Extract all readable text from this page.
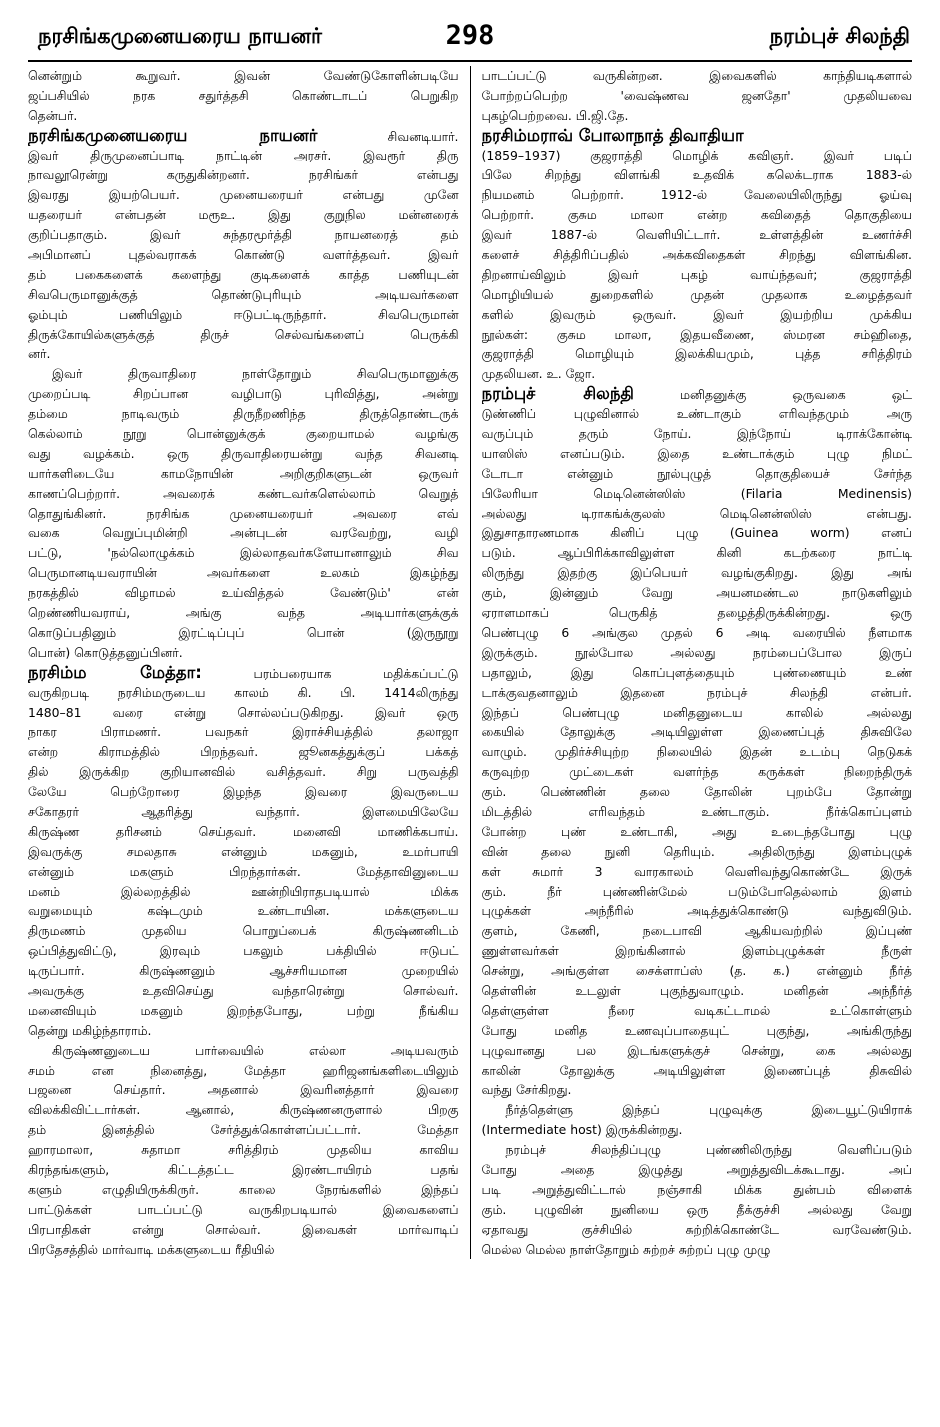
நரசிங்கமுனையரைய நாயனர்	298	நரம்புச் சிலந்தி
னென்றும் கூறுவர். இவன் வேண்டுகோளின்படியே
ஜப்பசியில் நரக சதுர்த்தசி கொண்டாடப் பெறுகிற
தென்பர்.
நரசிங்கமுனையரைய நாயனர் சிவனடியார்.
இவர் திருமுனைப்பாடி நாட்டின் அரசர். இவரூர் திரு
நாவலூரென்று கருதுகின்றனர். நரசிங்கர் என்பது
இவரது இயற்பெயர். முனையரையர் என்பது முனே
யதரையர் என்பதன் மரூஉ. இது குறுநில மன்னரைக்
குறிப்பதாகும். இவர் சுந்தரமூர்த்தி நாயனரைத் தம்
அபிமானப் புதல்வராகக் கொண்டு வளர்த்தவர். இவர்
தம் பகைகளைக் களைந்து குடிகளைக் காத்த பணியுடன்
சிவபெருமானுக்குத் தொண்டுபுரியும் அடியவர்களை
ஓம்பும் பணியிலும் ஈடுபட்டிருந்தார். சிவபெருமான்
திருக்கோயில்களுக்குத் திருச் செல்வங்களைப் பெருக்கி
னர்.
இவர் திருவாதிரை நாள்தோறும் சிவபெருமானுக்கு
முறைப்படி சிறப்பான வழிபாடு புரிவித்து, அன்று
தம்மை நாடிவரும் திருநீறணிந்த திருத்தொண்டருக்
கெல்லாம் நூறு பொன்னுக்குக் குறையாமல் வழங்கு
வது வழக்கம். ஒரு திருவாதிரையன்று வந்த சிவனடி
யார்களிடையே காமநோயின் அறிகுறிகளுடன் ஒருவர்
காணப்பெற்றார். அவரைக் கண்டவர்களெல்லாம் வெறுத்
தொதுங்கினர். நரசிங்க முனையரையர் அவரை எவ்
வகை வெறுப்புமின்றி அன்புடன் வரவேற்று, வழி
பட்டு, 'நல்லொழுக்கம் இல்லாதவர்களேயானாலும் சிவ
பெருமானடியவராயின் அவர்களை உலகம் இகழ்ந்து
நரகத்தில் விழாமல் உய்வித்தல் வேண்டும்' என்
றெண்ணியவராய், அங்கு வந்த அடியார்களுக்குக்
கொடுப்பதினும் இரட்டிப்புப் பொன் (இருநூறு
பொன்) கொடுத்தனுப்பினர்.
நரசிம்ம மேத்தா: பரம்பரையாக மதிக்கப்பட்டு
வருகிறபடி நரசிம்மருடைய காலம் கி. பி. 1414லிருந்து
1480–81 வரை என்று சொல்லப்படுகிறது. இவர் ஒரு
நாகர பிராமணர். பவநகர் இராச்சியத்தில் தலாஜா
என்ற கிராமத்தில் பிறந்தவர். ஜூனகத்துக்குப் பக்கத்
தில் இருக்கிற குறியானவில் வசித்தவர். சிறு பருவத்தி
லேயே பெற்றோரை இழந்த இவரை இவருடைய
சகோதரர் ஆதரித்து வந்தார். இளமையிலேயே
கிருஷ்ண தரிசனம் செய்தவர். மனைவி மாணிக்கபாய்.
இவருக்கு சமலதாசு என்னும் மகனும், உமர்பாயி
என்னும் மகளும் பிறந்தார்கள். மேத்தாவினுடைய
மனம் இல்லறத்தில் ஊன்றியிராதபடியால் மிக்க
வறுமையும் கஷ்டமும் உண்டாயின. மக்களுடைய
திருமணம் முதலிய பொறுப்பைக் கிருஷ்ணனிடம்
ஒப்பித்துவிட்டு, இரவும் பகலும் பக்தியில் ஈடுபட்
டிருப்பார். கிருஷ்ணனும் ஆச்சரியமான முறையில்
அவருக்கு உதவிசெய்து வந்தாரென்று சொல்வர்.
மனைவியும் மகனும் இறந்தபோது, பற்று நீங்கிய
தென்று மகிழ்ந்தாராம்.
கிருஷ்ணனுடைய பார்வையில் எல்லா அடியவரும்
சமம் என நினைத்து, மேத்தா ஹரிஜனங்களிடையிலும்
பஜனை செய்தார். அதனால் இவரினத்தார் இவரை
விலக்கிவிட்டார்கள். ஆனால், கிருஷ்ணனருளால் பிறகு
தம் இனத்தில் சேர்த்துக்கொள்ளப்பட்டார். மேத்தா
ஹாரமாலா, சுதாமா சரித்திரம் முதலிய காவிய
கிரந்தங்களும், கிட்டத்தட்ட இரண்டாயிரம் பதங்
களும் எழுதியிருக்கிருர். காலை நேரங்களில் இந்தப்
பாட்டுக்கள் பாடப்பட்டு வருகிறபடியால் இவைகளைப்
பிரபாதிகள் என்று சொல்வர். இவைகள் மார்வாடிப்
பிரதேசத்தில் மார்வாடி மக்களுடைய ரீதியில்
பாடப்பட்டு வருகின்றன. இவைகளில் காந்தியடிகளால்
போற்றப்பெற்ற 'வைஷ்ணவ ஜனதோ' முதலியவை
புகழ்பெற்றவை. பி.ஜி.தே.
நரசிம்மராவ் போலாநாத் திவாதியா
(1859–1937) குஜராத்தி மொழிக் கவிஞர். இவர் படிப்
பிலே சிறந்து விளங்கி உதவிக் கலெக்டராக 1883-ல்
நியமனம் பெற்றார். 1912-ல் வேலையிலிருந்து ஓய்வு
பெற்றார். குசும மாலா என்ற கவிதைத் தொகுதியை
இவர் 1887-ல் வெளியிட்டார். உள்ளத்தின் உணர்ச்சி
களைச் சித்திரிப்பதில் அக்கவிதைகள் சிறந்து விளங்கின.
திறனாய்விலும் இவர் புகழ் வாய்ந்தவர்; குஜராத்தி
மொழியியல் துறைகளில் முதன் முதலாக உழைத்தவர்
களில் இவரும் ஒருவர். இவர் இயற்றிய முக்கிய
நூல்கள்: குசும மாலா, இதயவீணை, ஸ்மரன சம்ஹிதை,
குஜராத்தி மொழியும் இலக்கியமும், புத்த சரித்திரம்
முதலியன. உ. ஜோ.
நரம்புச் சிலந்தி மனிதனுக்கு ஒருவகை ஒட்
டுண்ணிப் புழுவினால் உண்டாகும் எரிவந்தமும் அரு
வருப்பும் தரும் நோய். இந்நோய் டிராக்கோன்டி
யாஸிஸ் எனப்படும். இதை உண்டாக்கும் புழு நிமட்
டோடா என்னும் நூல்புழுத் தொகுதியைச் சேர்ந்த
பிலேரியா மெடினென்ஸிஸ் (Filaria Medinensis)
அல்லது டிராகங்க்குலஸ் மெடினென்ஸிஸ் என்பது.
இதுசாதாரணமாக கினிப் புழு (Guinea worm) எனப்
படும். ஆப்பிரிக்காவிலுள்ள கினி கடற்கரை நாட்டி
லிருந்து இதற்கு இப்பெயர் வழங்குகிறது. இது அங்
கும், இன்னும் வேறு அயனமண்டல நாடுகளிலும்
ஏராளமாகப் பெருகித் தழைத்திருக்கின்றது. ஒரு
பெண்புழு 6 அங்குல முதல் 6 அடி வரையில் நீளமாக
இருக்கும். நூல்போல அல்லது நரம்பைப்போல இருப்
பதாலும், இது கொப்புளத்தையும் புண்ணையும் உண்
டாக்குவதனாலும் இதனை நரம்புச் சிலந்தி என்பர்.
இந்தப் பெண்புழு மனிதனுடைய காலில் அல்லது
கையில் தோலுக்கு அடியிலுள்ள இணைப்புத் திசுவிலே
வாழும். முதிர்ச்சியுற்ற நிலையில் இதன் உடம்பு நெடுகக்
கருவுற்ற முட்டைகள் வளர்ந்த கருக்கள் நிறைந்திருக்
கும். பெண்ணின் தலை தோலின் புறம்பே தோன்று
மிடத்தில் எரிவந்தம் உண்டாகும். நீர்க்கொப்புளம்
போன்ற புண் உண்டாகி, அது உடைந்தபோது புழு
வின் தலை நுனி தெரியும். அதிலிருந்து இளம்புழுக்
கள் சுமார் 3 வாரகாலம் வெளிவந்துகொண்டே இருக்
கும். நீர் புண்ணின்மேல் படும்போதெல்லாம் இளம்
புழுக்கள் அந்நீரில் அடித்துக்கொண்டு வந்துவிடும்.
குளம், கேணி, நடைபாவி ஆகியவற்றில் இப்புண்
ணுள்ளவர்கள் இறங்கினால் இளம்புழுக்கள் நீருள்
சென்று, அங்குள்ள சைக்ளாப்ஸ் (த. க.) என்னும் நீர்த்
தெள்ளின் உடலுள் புகுந்துவாழும். மனிதன் அந்நீர்த்
தெள்ளுள்ள நீரை வடிகட்டாமல் உட்கொள்ளும்
போது மனித உணவுப்பாதையுட் புகுந்து, அங்கிருந்து
புழுவானது பல இடங்களுக்குச் சென்று, கை அல்லது
காலின் தோலுக்கு அடியிலுள்ள இணைப்புத் திசுவில்
வந்து சேர்கிறது.
நீர்த்தெள்ளு இந்தப் புழுவுக்கு இடையூட்டுயிராக்
(Intermediate host) இருக்கின்றது.
நரம்புச் சிலந்திப்புழு புண்ணிலிருந்து வெளிப்படும்
போது அதை இழுத்து அறுத்துவிடக்கூடாது. அப்
படி அறுத்துவிட்டால் நஞ்சாகி மிக்க துன்பம் விளைக்
கும். புழுவின் நுனியை ஒரு தீக்குச்சி அல்லது வேறு
ஏதாவது குச்சியில் சுற்றிக்கொண்டே வரவேண்டும்.
மெல்ல மெல்ல நாள்தோறும் சுற்றச் சுற்றப் புழு முழு
